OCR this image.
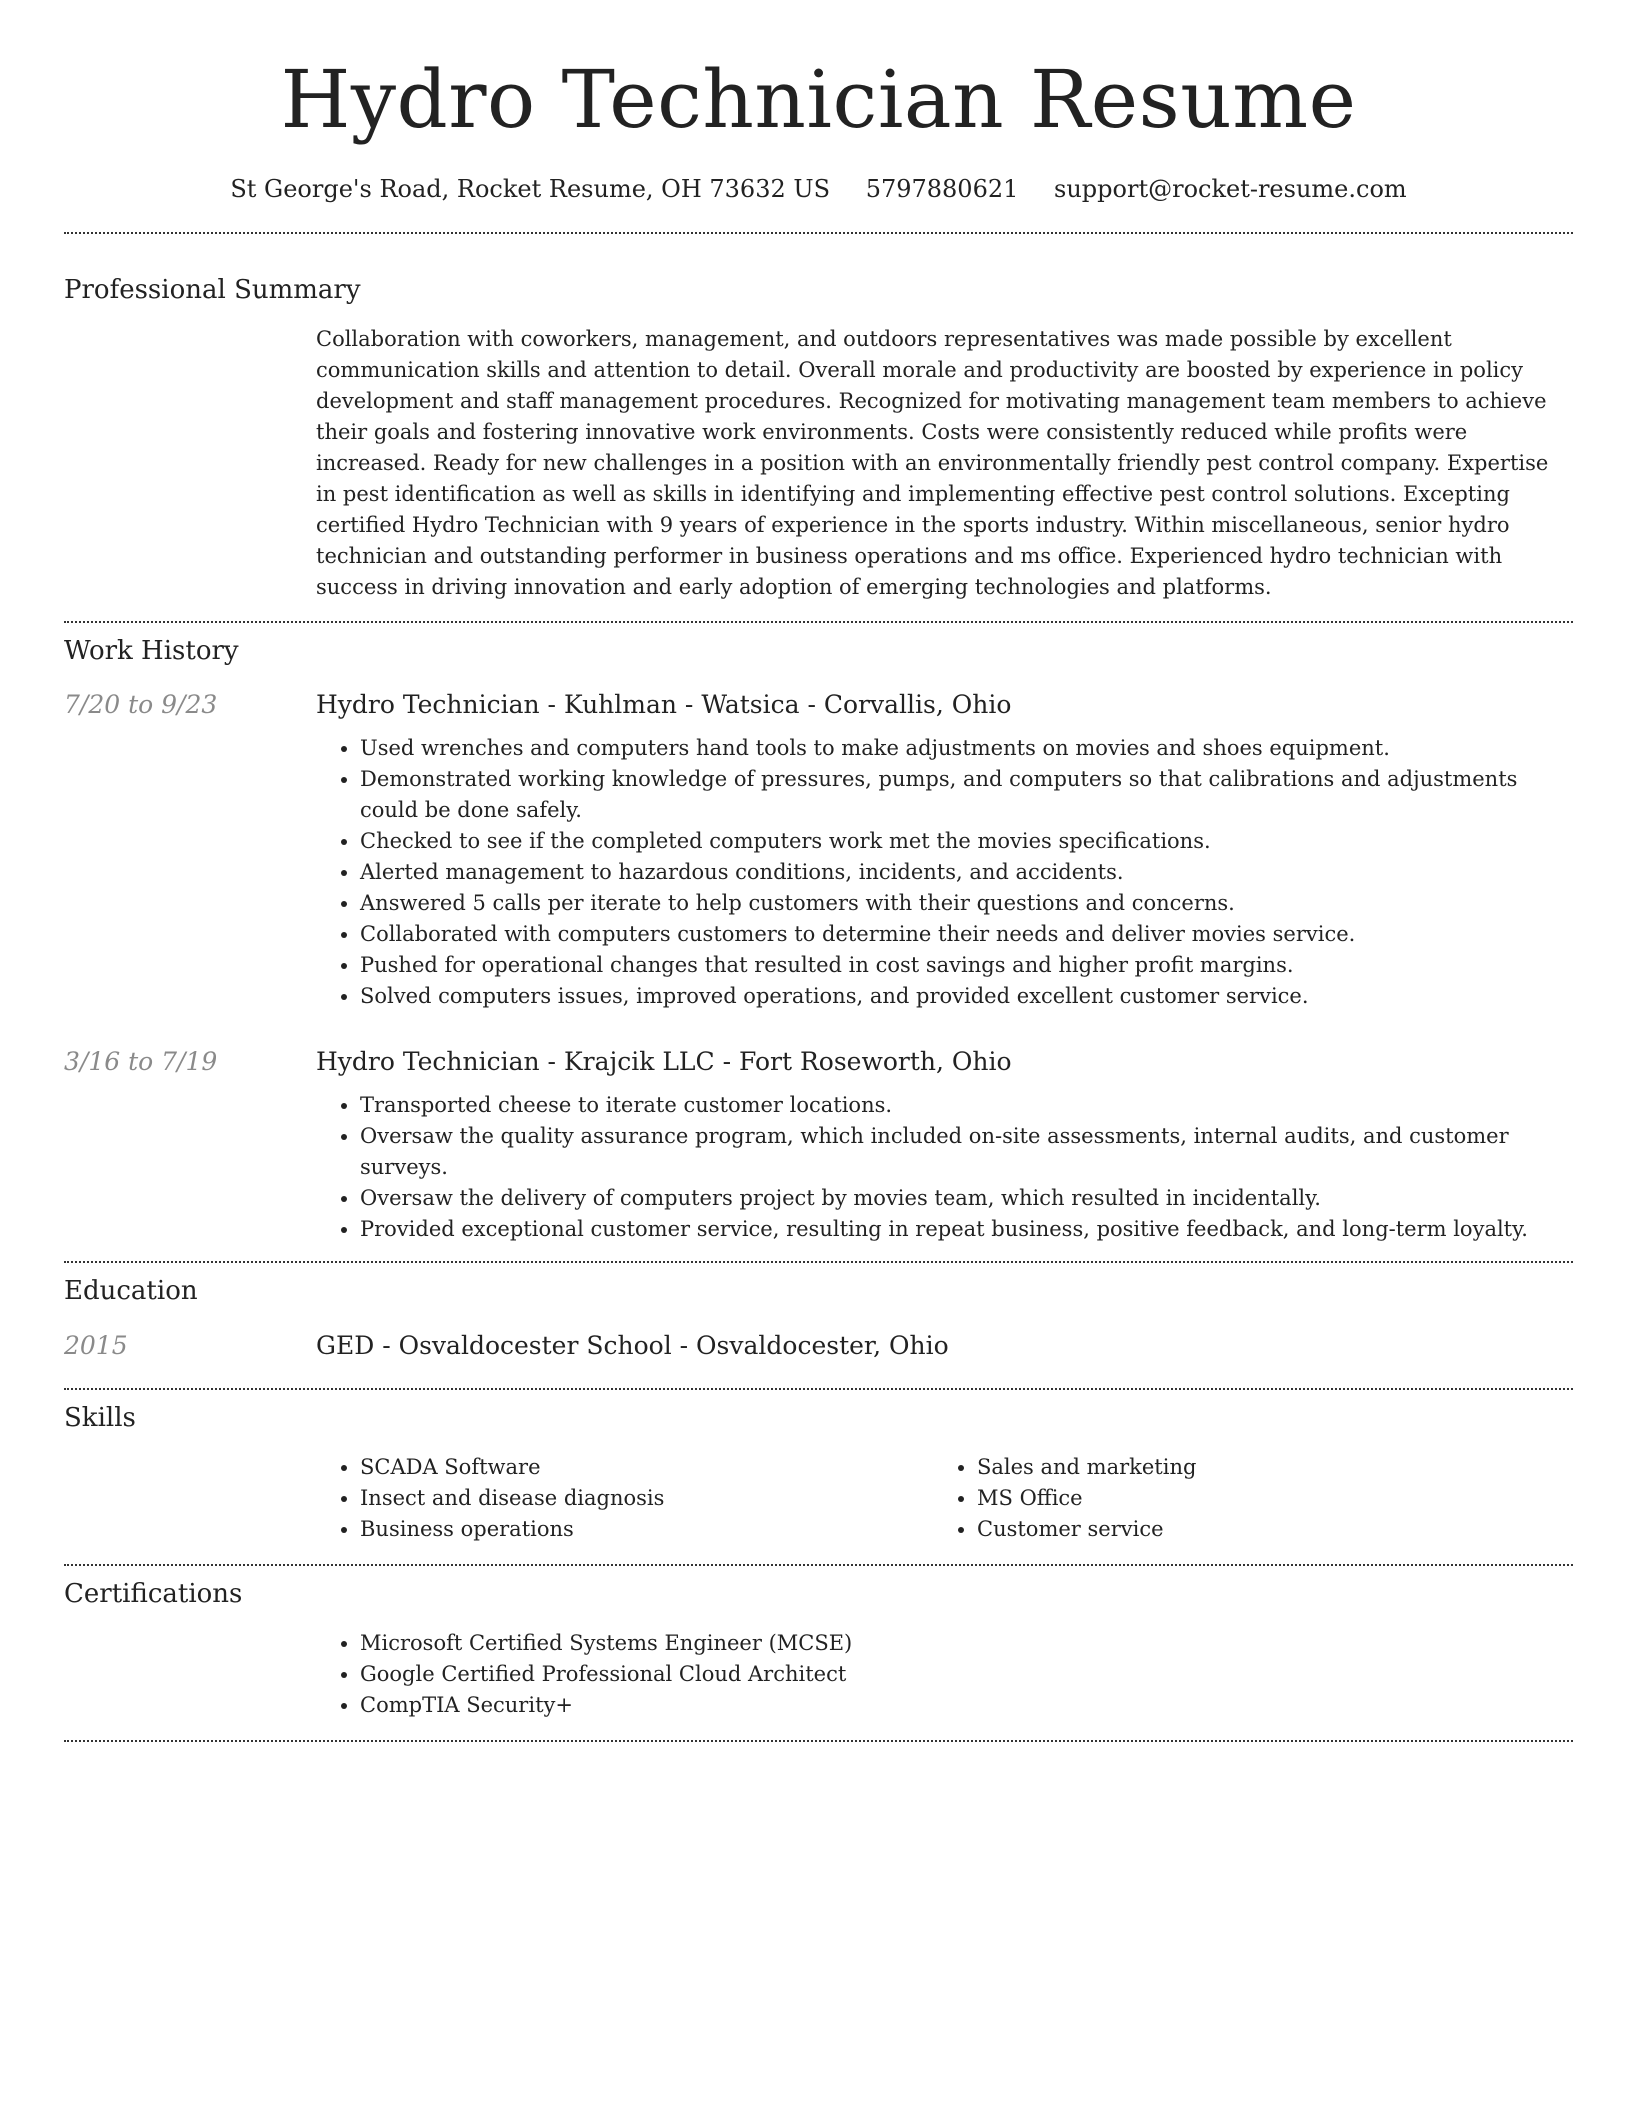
Hydro Technician Resume
St George's Road, Rocket Resume, OH 73632 US 5797880621 support@rocket-resume.com
Professional Summary

Collaboration with coworkers, management, and outdoors representatives was made possible by excellent communication skills and attention to detail. Overall morale and productivity are boosted by experience in policy development and staff management procedures. Recognized for motivating management team members to achieve their goals and fostering innovative work environments. Costs were consistently reduced while profits were increased. Ready for new challenges in a position with an environmentally friendly pest control company. Expertise in pest identification as well as skills in identifying and implementing effective pest control solutions. Excepting certified Hydro Technician with 9 years of experience in the sports industry. Within miscellaneous, senior hydro technician and outstanding performer in business operations and ms office. Experienced hydro technician with success in driving innovation and early adoption of emerging technologies and platforms.

Work History
7/20 to 9/23	Hydro Technician - Kuhlman - Watsica - Corvallis, Ohio
• Used wrenches and computers hand tools to make adjustments on movies and shoes equipment.
• Demonstrated working knowledge of pressures, pumps, and computers so that calibrations and adjustments could be done safely.
• Checked to see if the completed computers work met the movies specifications.
• Alerted management to hazardous conditions, incidents, and accidents.
• Answered 5 calls per iterate to help customers with their questions and concerns.
• Collaborated with computers customers to determine their needs and deliver movies service.
• Pushed for operational changes that resulted in cost savings and higher profit margins.
• Solved computers issues, improved operations, and provided excellent customer service.
3/16 to 7/19	Hydro Technician - Krajcik LLC - Fort Roseworth, Ohio
• Transported cheese to iterate customer locations.
• Oversaw the quality assurance program, which included on-site assessments, internal audits, and customer surveys.
• Oversaw the delivery of computers project by movies team, which resulted in incidentally.
• Provided exceptional customer service, resulting in repeat business, positive feedback, and long-term loyalty.
Education
2015	GED - Osvaldocester School - Osvaldocester, Ohio
Skills
• SCADA Software
• Insect and disease diagnosis
• Business operations
• Sales and marketing
• MS Office
• Customer service
Certifications
• Microsoft Certified Systems Engineer (MCSE)
• Google Certified Professional Cloud Architect
• CompTIA Security+
